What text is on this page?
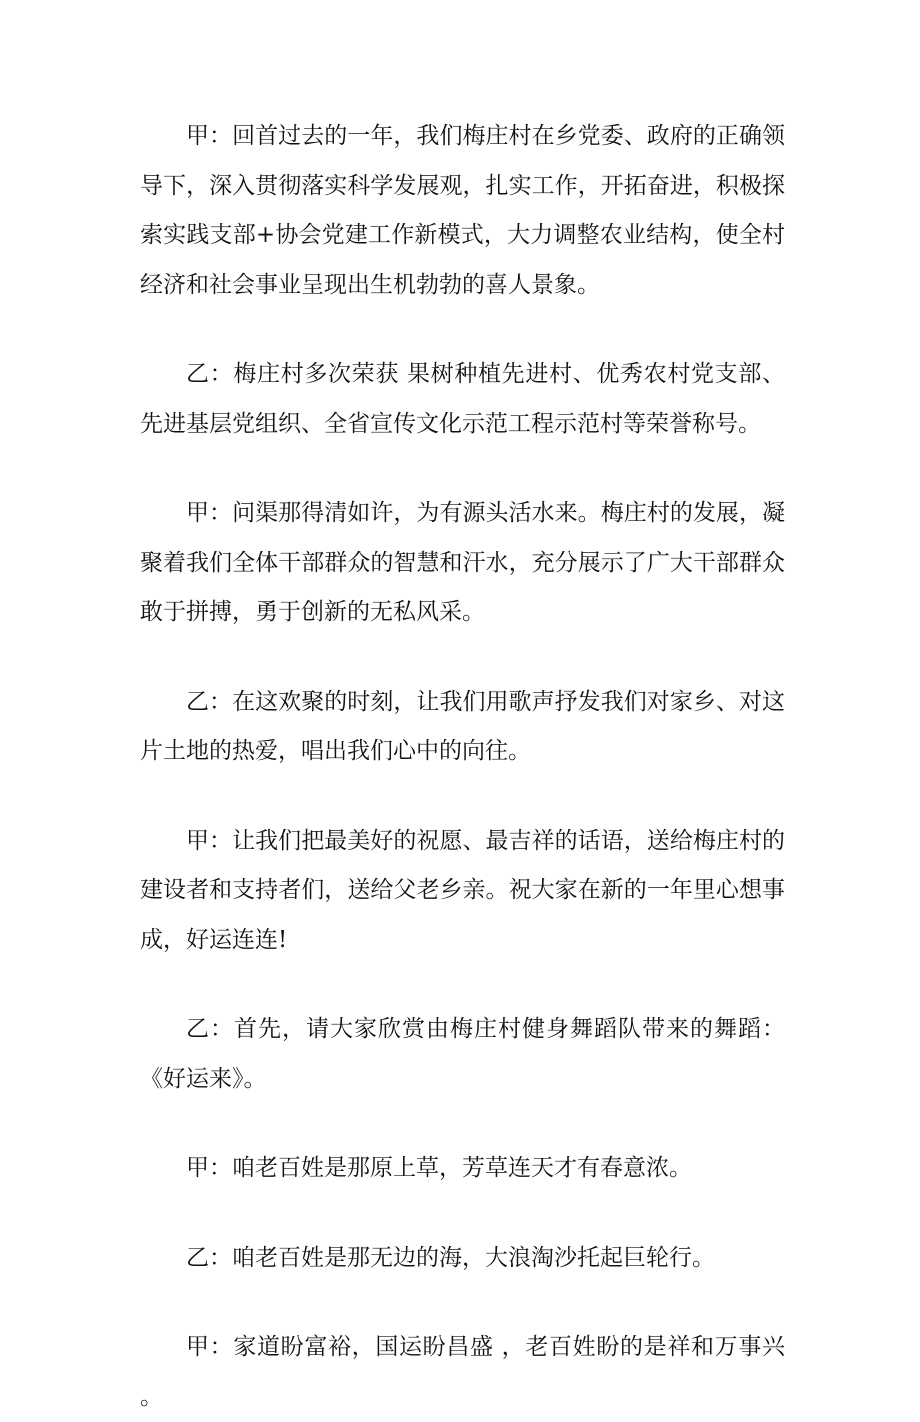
甲：回首过去的一年，我们梅庄村在乡党委、政府的正确领导下，深入贯彻落实科学发展观，扎实工作，开拓奋进，积极探索实践支部+协会党建工作新模式，大力调整农业结构，使全村经济和社会事业呈现出生机勃勃的喜人景象。

乙：梅庄村多次荣获 果树种植先进村、优秀农村党支部、先进基层党组织、全省宣传文化示范工程示范村等荣誉称号。

甲：问渠那得清如许，为有源头活水来。梅庄村的发展，凝聚着我们全体干部群众的智慧和汗水，充分展示了广大干部群众敢于拼搏，勇于创新的无私风采。

乙：在这欢聚的时刻，让我们用歌声抒发我们对家乡、对这片土地的热爱，唱出我们心中的向往。

甲：让我们把最美好的祝愿、最吉祥的话语，送给梅庄村的建设者和支持者们，送给父老乡亲。祝大家在新的一年里心想事成，好运连连!

乙：首先，请大家欣赏由梅庄村健身舞蹈队带来的舞蹈：《好运来》。

甲：咱老百姓是那原上草，芳草连天才有春意浓。

乙：咱老百姓是那无边的海，大浪淘沙托起巨轮行。

甲：家道盼富裕，国运盼昌盛 ，老百姓盼的是祥和万事兴 。
